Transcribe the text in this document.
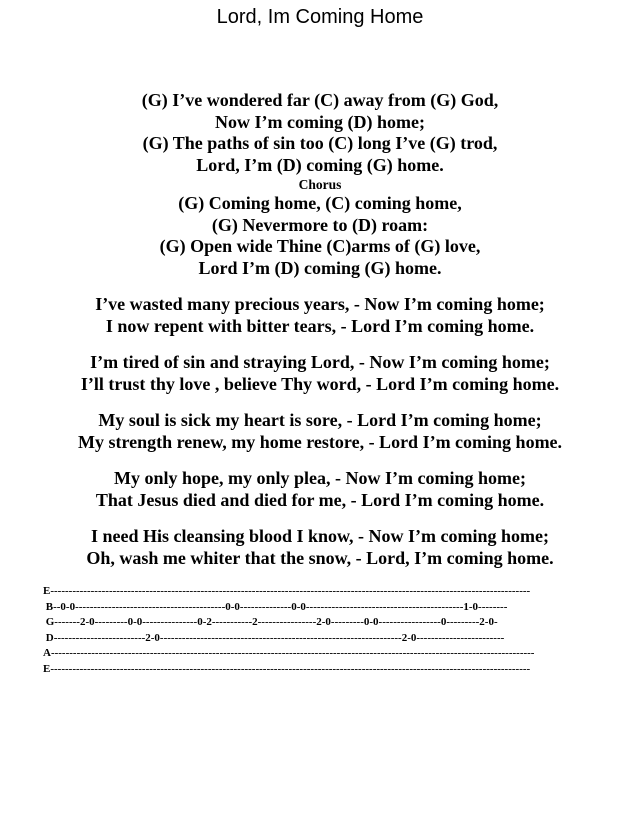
Lord, Im Coming Home
(G) I’ve wondered far (C) away from (G) God,
Now I’m coming (D) home;
(G) The paths of sin too (C) long I’ve (G) trod,
Lord, I’m (D) coming (G) home.
Chorus
(G) Coming home, (C) coming home,
(G) Nevermore to (D) roam:
(G) Open wide Thine (C)arms of (G) love,
Lord I’m (D) coming (G) home.
I’ve wasted many precious years, - Now I’m coming home;
I now repent with bitter tears, - Lord I’m coming home.
I’m tired of sin and straying Lord, - Now I’m coming home;
I’ll trust thy love , believe Thy word, - Lord I’m coming home.
My soul is sick my heart is sore, - Lord I’m coming home;
My strength renew, my home restore, - Lord I’m coming home.
My only hope, my only plea, - Now I’m coming home;
That Jesus died and died for me, - Lord I’m coming home.
I need His cleansing blood I know, - Now I’m coming home;
Oh, wash me whiter that the snow, - Lord, I’m coming home.
E-----------------------------------------------------------------------------------------------------------------------------------
B--0-0-----------------------------------------0-0--------------0-0-------------------------------------------1-0--------
G-------2-0---------0-0---------------0-2-----------2----------------2-0---------0-0-----------------0---------2-0-
D-------------------------2-0------------------------------------------------------------------2-0------------------------
A------------------------------------------------------------------------------------------------------------------------------------
E-----------------------------------------------------------------------------------------------------------------------------------
